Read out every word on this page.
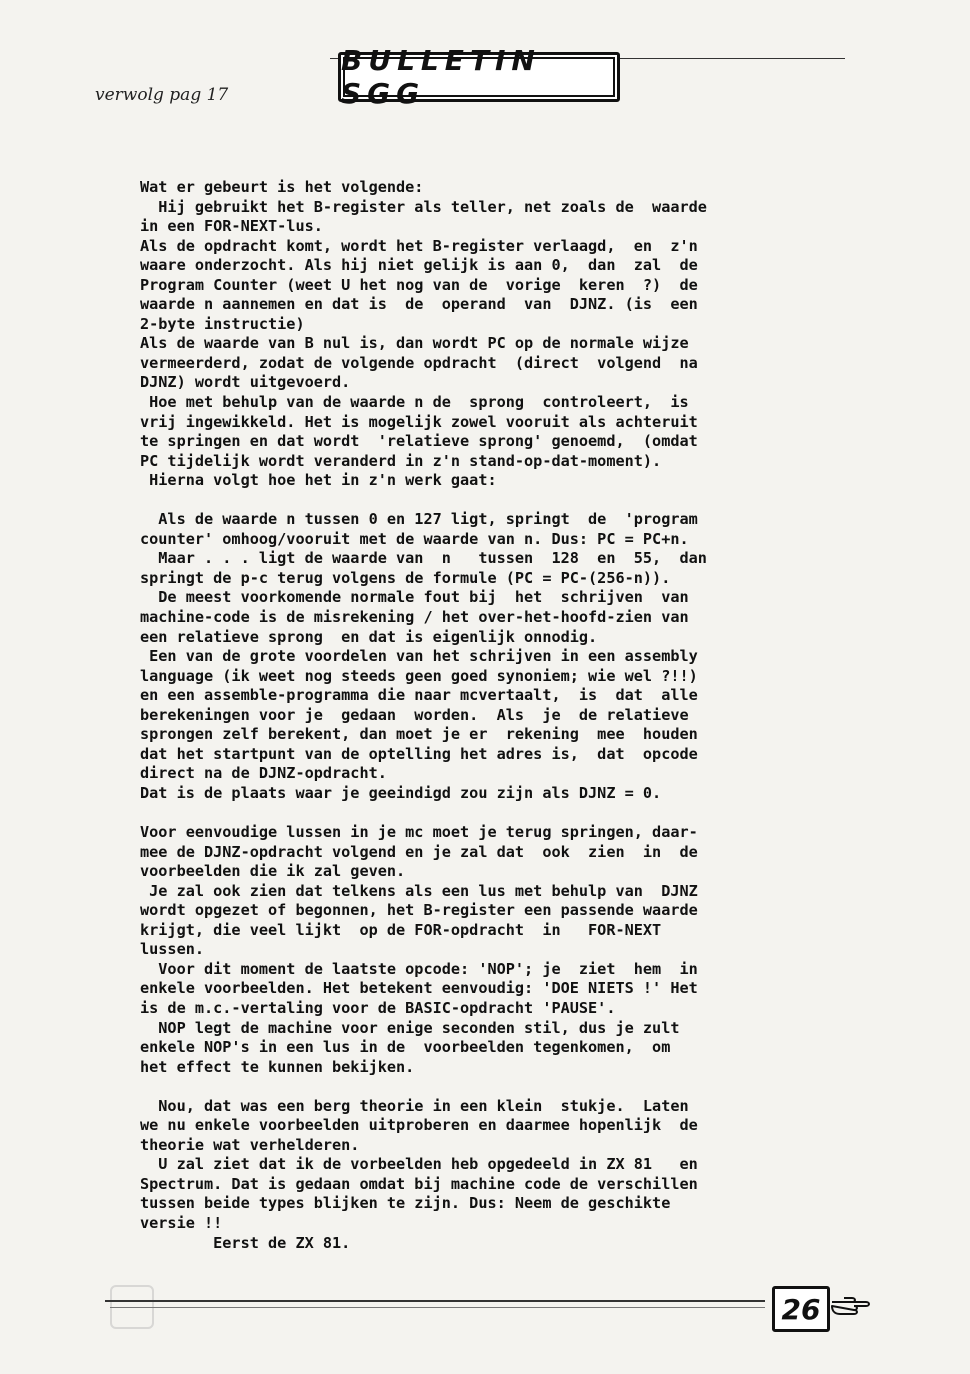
BULLETIN SGG
verwolg pag 17
Wat er gebeurt is het volgende:
Hij gebruikt het B-register als teller, net zoals de  waarde
in een FOR-NEXT-lus.
Als de opdracht komt, wordt het B-register verlaagd,  en  z'n
waare onderzocht. Als hij niet gelijk is aan 0,  dan  zal  de
Program Counter (weet U het nog van de  vorige  keren  ?)  de
waarde n aannemen en dat is  de  operand  van  DJNZ. (is  een
2-byte instructie)
Als de waarde van B nul is, dan wordt PC op de normale wijze
vermeerderd, zodat de volgende opdracht  (direct  volgend  na
DJNZ) wordt uitgevoerd.
Hoe met behulp van de waarde n de  sprong  controleert,  is
vrij ingewikkeld. Het is mogelijk zowel vooruit als achteruit
te springen en dat wordt  'relatieve sprong' genoemd,  (omdat
PC tijdelijk wordt veranderd in z'n stand-op-dat-moment).
Hierna volgt hoe het in z'n werk gaat:
Als de waarde n tussen 0 en 127 ligt, springt  de  'program
counter' omhoog/vooruit met de waarde van n. Dus: PC = PC+n.
Maar . . . ligt de waarde van  n   tussen  128  en  55,  dan
springt de p-c terug volgens de formule (PC = PC-(256-n)).
De meest voorkomende normale fout bij  het  schrijven  van
machine-code is de misrekening / het over-het-hoofd-zien van
een relatieve sprong  en dat is eigenlijk onnodig.
Een van de grote voordelen van het schrijven in een assembly
language (ik weet nog steeds geen goed synoniem; wie wel ?!!)
en een assemble-programma die naar mcvertaalt,  is  dat  alle
berekeningen voor je  gedaan  worden.  Als  je  de relatieve
sprongen zelf berekent, dan moet je er  rekening  mee  houden
dat het startpunt van de optelling het adres is,  dat  opcode
direct na de DJNZ-opdracht.
Dat is de plaats waar je geeindigd zou zijn als DJNZ = 0.
Voor eenvoudige lussen in je mc moet je terug springen, daar-
mee de DJNZ-opdracht volgend en je zal dat  ook  zien  in  de
voorbeelden die ik zal geven.
Je zal ook zien dat telkens als een lus met behulp van  DJNZ
wordt opgezet of begonnen, het B-register een passende waarde
krijgt, die veel lijkt  op de FOR-opdracht  in   FOR-NEXT
lussen.
Voor dit moment de laatste opcode: 'NOP'; je  ziet  hem  in
enkele voorbeelden. Het betekent eenvoudig: 'DOE NIETS !' Het
is de m.c.-vertaling voor de BASIC-opdracht 'PAUSE'.
NOP legt de machine voor enige seconden stil, dus je zult
enkele NOP's in een lus in de  voorbeelden tegenkomen,  om
het effect te kunnen bekijken.
Nou, dat was een berg theorie in een klein  stukje.  Laten
we nu enkele voorbeelden uitproberen en daarmee hopenlijk  de
theorie wat verhelderen.
U zal ziet dat ik de vorbeelden heb opgedeeld in ZX 81   en
Spectrum. Dat is gedaan omdat bij machine code de verschillen
tussen beide types blijken te zijn. Dus: Neem de geschikte
versie !!
Eerst de ZX 81.
26
